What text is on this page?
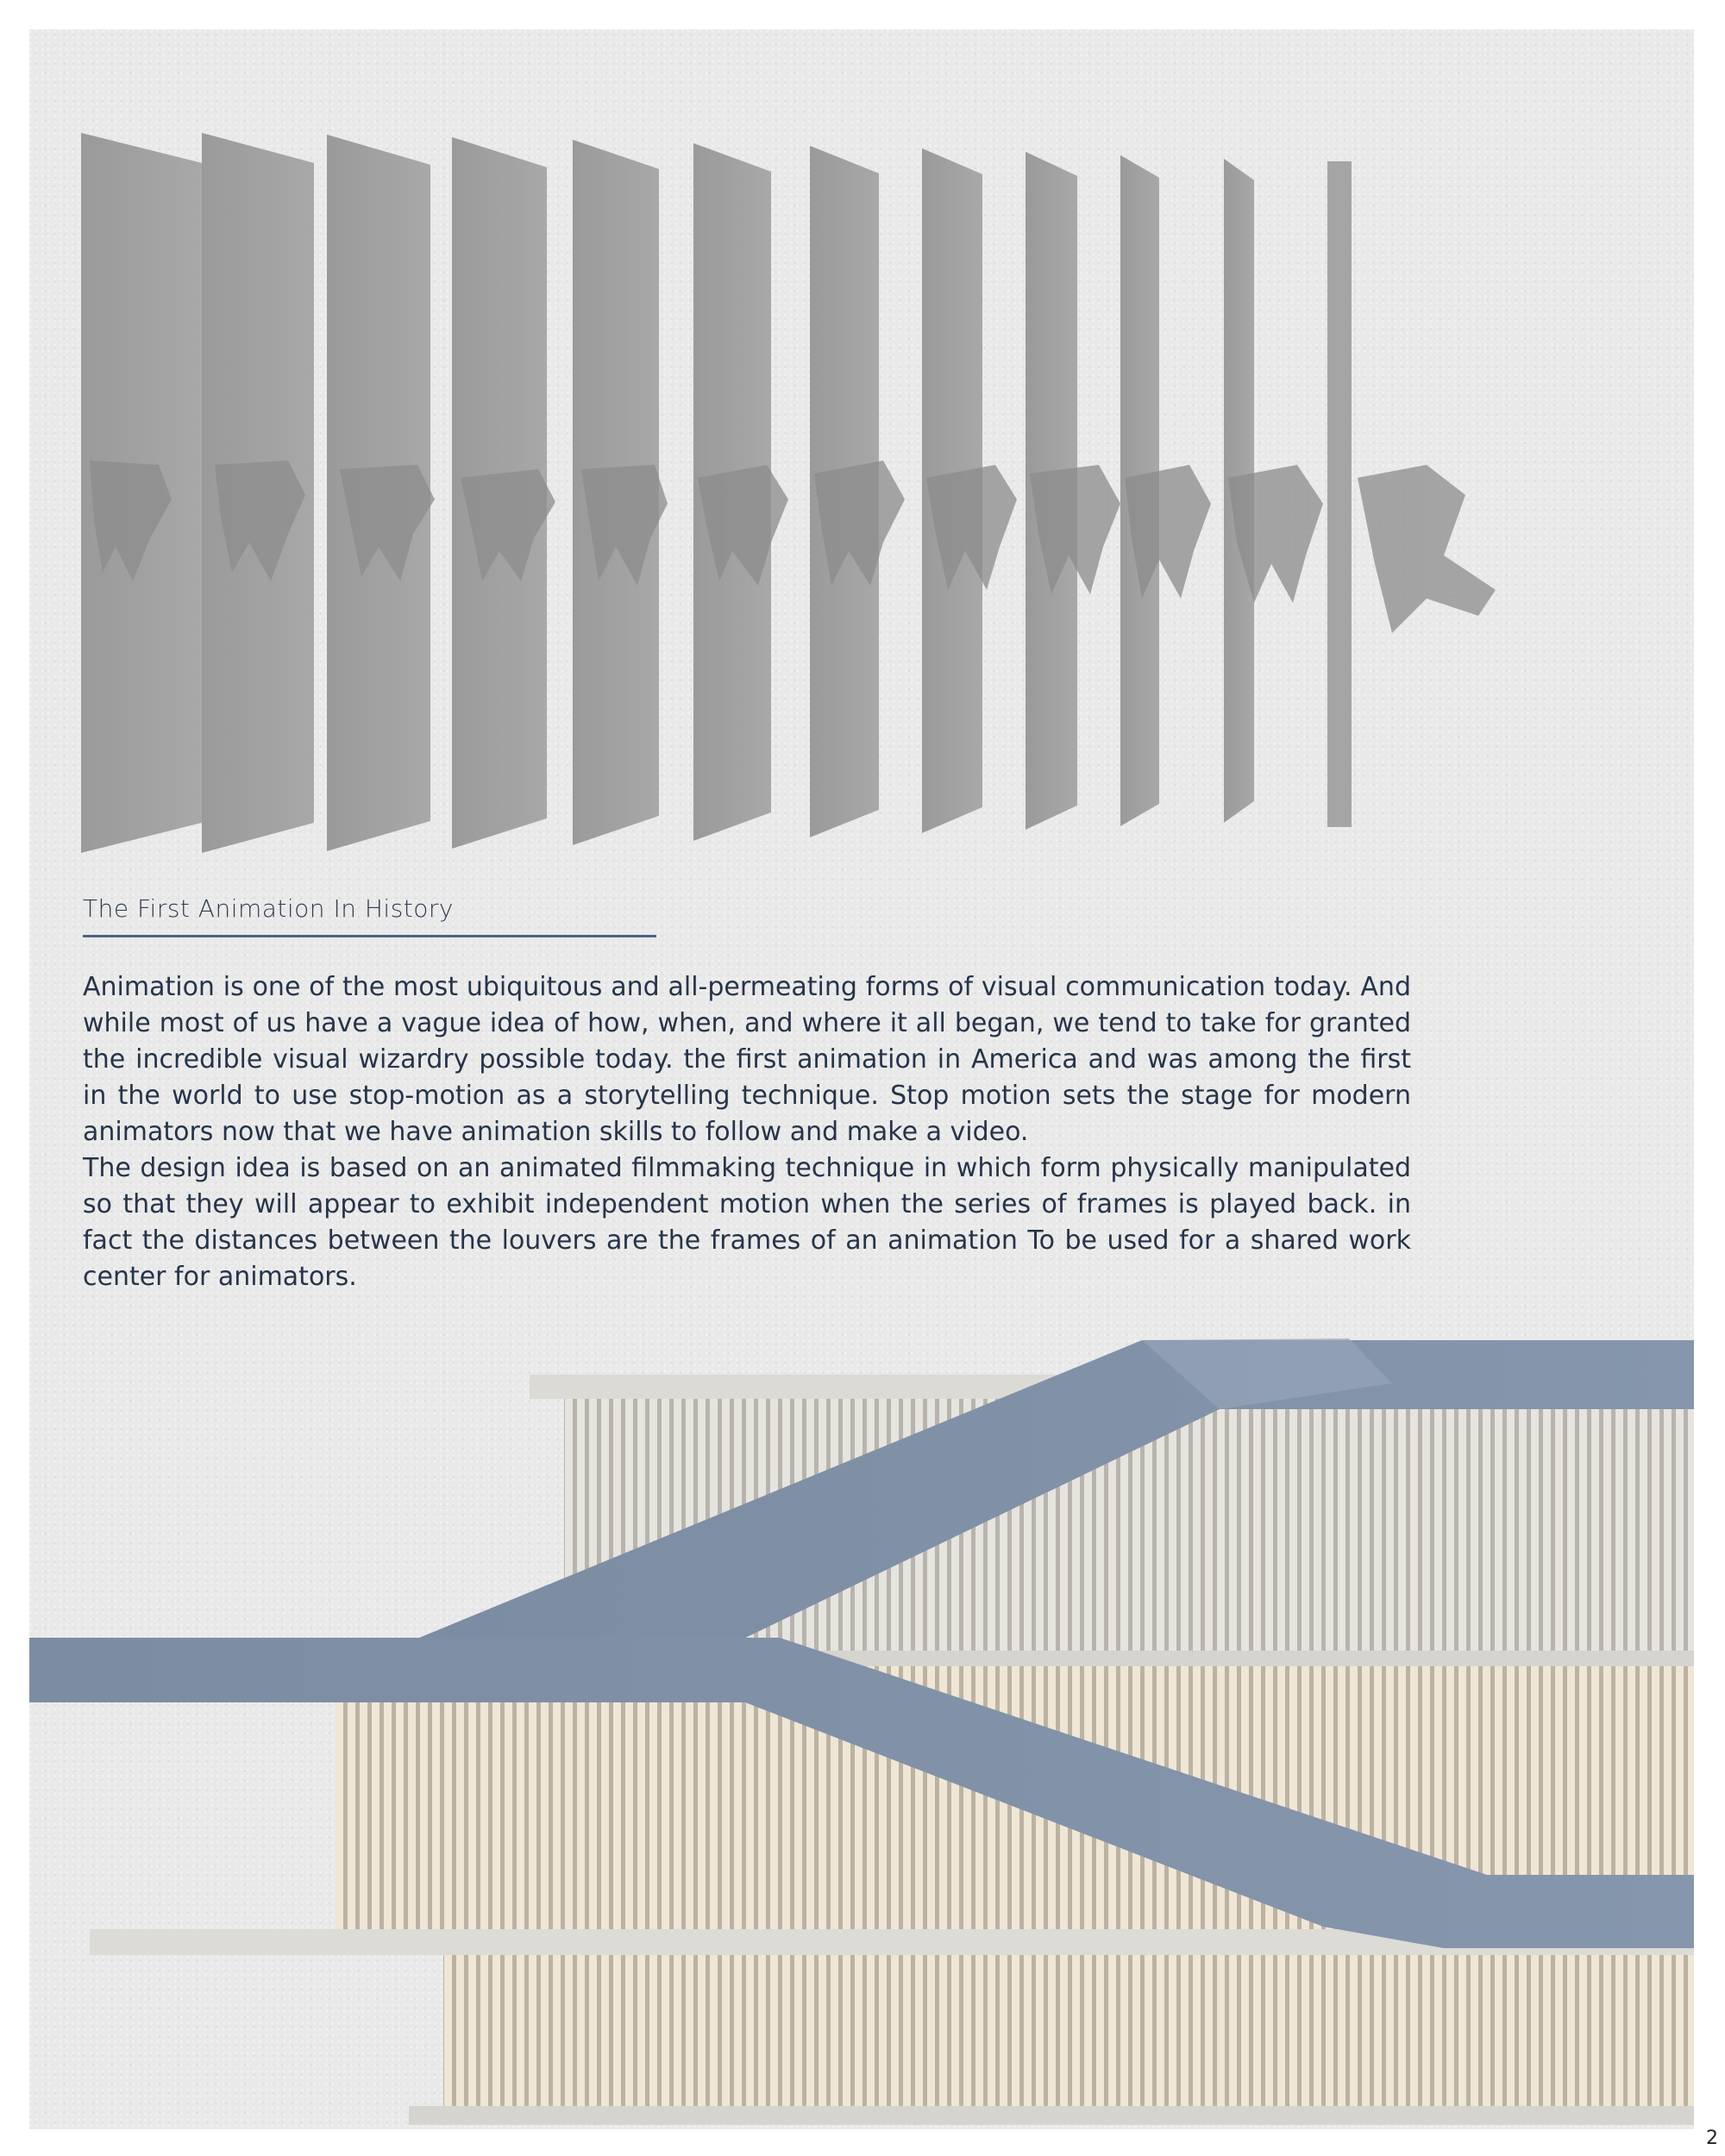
The First Animation In History

Animation is one of the most ubiquitous and all-permeating forms of visual communication today. And while most of us have a vague idea of how, when, and where it all began, we tend to take for granted the incredible visual wizardry possible today. the first animation in America and was among the first in the world to use stop-motion as a storytelling technique. Stop motion sets the stage for modern animators now that we have animation skills to follow and make a video.

The design idea is based on an animated filmmaking technique in which form physically manipulated so that they will appear to exhibit independent motion when the series of frames is played back. in fact the distances between the louvers are the frames of an animation To be used for a shared work center for animators.

2
